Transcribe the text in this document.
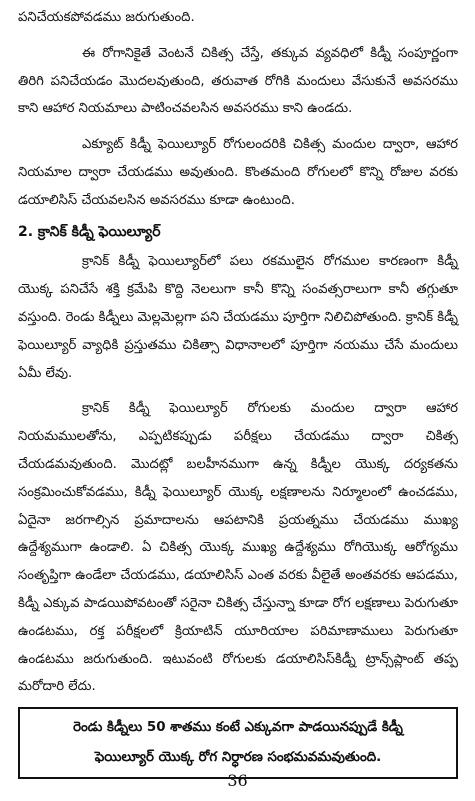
పనిచేయకపోవడము జరుగుతుంది.

ఈ రోగానికైతే వెంటనే చికిత్స చేస్తే, తక్కువ వ్యవధిలో కిడ్నీ సంపూర్ణంగా తిరిగి పనిచేయడం మొదలవుతుంది, తరువాత రోగికి మందులు వేసుకునే అవసరము కాని ఆహార నియమాలు పాటించవలసిన అవసరము కాని ఉండదు.

ఎక్యూట్ కిడ్నీ ఫెయిల్యూర్ రోగులందరికి చికిత్స మందుల ద్వారా, ఆహార నియమాల ద్వారా చేయడము అవుతుంది. కొంతమంది రోగులలో కొన్ని రోజుల వరకు డయాలిసిస్ చేయవలసిన అవసరము కూడా ఉంటుంది.

2. క్రానిక్ కిడ్నీ ఫెయిల్యూర్

క్రానిక్ కిడ్నీ ఫెయిల్యూర్‌లో పలు రకములైన రోగముల కారణంగా కిడ్నీ యొక్క పనిచేసే శక్తి క్రమేపి కొద్ది నెలలుగా కానీ కొన్ని సంవత్సరాలుగా కానీ తగ్గుతూ వస్తుంది. రెండు కిడ్నీలు మెల్లమెల్లగా పని చేయడము పూర్తిగా నిలిచిపోతుంది. క్రానిక్ కిడ్నీ ఫెయిల్యూర్ వ్యాధికి ప్రస్తుతము చికిత్సా విధానాలలో పూర్తిగా నయము చేసే మందులు ఏమీ లేవు.

క్రానిక్ కిడ్నీ ఫెయిల్యూర్ రోగులకు మందుల ద్వారా ఆహార నియమములతోను, ఎప్పటికప్పుడు పరీక్షలు చేయడము ద్వారా చికిత్స చేయడమవుతుంది. మొదట్లో బలహీనముగా ఉన్న కిడ్నీల యొక్క దర్యకతను సంక్రమించుకోవడము, కిడ్నీ ఫెయిల్యూర్ యొక్క లక్షణాలను నిర్మూలంలో ఉంచడము, ఏదైనా జరగాల్సిన ప్రమాదాలను ఆపటానికి ప్రయత్నము చేయడము ముఖ్య ఉద్దేశ్యముగా ఉండాలి. ఏ చికిత్స యొక్క ముఖ్య ఉద్దేశ్యము రోగియొక్క ఆరోగ్యము సంతృప్తిగా ఉండేలా చేయడము, డయాలిసిస్ ఎంత వరకు వీలైతే అంతవరకు ఆపడము, కిడ్నీ ఎక్కువ పాడయిపోవటంతో సరైనా చికిత్స చేస్తున్నా కూడా రోగ లక్షణాలు పెరుగుతూ ఉండటము, రక్త పరీక్షలలో క్రియాటిన్ యూరియాల పరిమాణాములు పెరుగుతూ ఉండటము జరుగుతుంది. ఇటువంటి రోగులకు డయాలిసిస్‌కిడ్నీ ట్రాన్స్‌ప్లాంట్ తప్ప మరోదారి లేదు.

రెండు కిడ్నీలు 50 శాతము కంటే ఎక్కువగా పాడయినప్పుడే కిడ్నీ
ఫెయిల్యూర్ యొక్క రోగ నిర్ధారణ సంభమవమవుతుంది.
36
